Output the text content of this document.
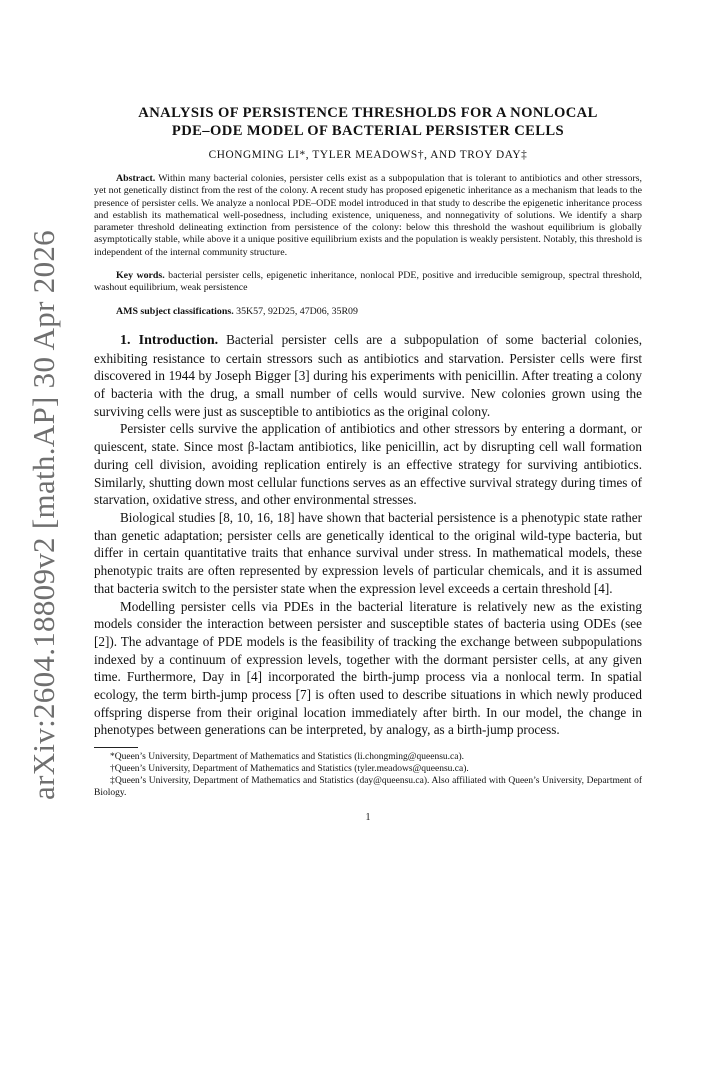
arXiv:2604.18809v2 [math.AP] 30 Apr 2026
ANALYSIS OF PERSISTENCE THRESHOLDS FOR A NONLOCAL
PDE–ODE MODEL OF BACTERIAL PERSISTER CELLS
CHONGMING LI*, TYLER MEADOWS†, AND TROY DAY‡
Abstract. Within many bacterial colonies, persister cells exist as a subpopulation that is tolerant to antibiotics and other stressors, yet not genetically distinct from the rest of the colony. A recent study has proposed epigenetic inheritance as a mechanism that leads to the presence of persister cells. We analyze a nonlocal PDE–ODE model introduced in that study to describe the epigenetic inheritance process and establish its mathematical well-posedness, including existence, uniqueness, and nonnegativity of solutions. We identify a sharp parameter threshold delineating extinction from persistence of the colony: below this threshold the washout equilibrium is globally asymptotically stable, while above it a unique positive equilibrium exists and the population is weakly persistent. Notably, this threshold is independent of the internal community structure.
Key words. bacterial persister cells, epigenetic inheritance, nonlocal PDE, positive and irreducible semigroup, spectral threshold, washout equilibrium, weak persistence
AMS subject classifications. 35K57, 92D25, 47D06, 35R09

1. Introduction. Bacterial persister cells are a subpopulation of some bacterial colonies, exhibiting resistance to certain stressors such as antibiotics and starvation. Persister cells were first discovered in 1944 by Joseph Bigger [3] during his experiments with penicillin. After treating a colony of bacteria with the drug, a small number of cells would survive. New colonies grown using the surviving cells were just as susceptible to antibiotics as the original colony.

Persister cells survive the application of antibiotics and other stressors by entering a dormant, or quiescent, state. Since most β-lactam antibiotics, like penicillin, act by disrupting cell wall formation during cell division, avoiding replication entirely is an effective strategy for surviving antibiotics. Similarly, shutting down most cellular functions serves as an effective survival strategy during times of starvation, oxidative stress, and other environmental stresses.

Biological studies [8, 10, 16, 18] have shown that bacterial persistence is a phenotypic state rather than genetic adaptation; persister cells are genetically identical to the original wild-type bacteria, but differ in certain quantitative traits that enhance survival under stress. In mathematical models, these phenotypic traits are often represented by expression levels of particular chemicals, and it is assumed that bacteria switch to the persister state when the expression level exceeds a certain threshold [4].

Modelling persister cells via PDEs in the bacterial literature is relatively new as the existing models consider the interaction between persister and susceptible states of bacteria using ODEs (see [2]). The advantage of PDE models is the feasibility of tracking the exchange between subpopulations indexed by a continuum of expression levels, together with the dormant persister cells, at any given time. Furthermore, Day in [4] incorporated the birth-jump process via a nonlocal term. In spatial ecology, the term birth-jump process [7] is often used to describe situations in which newly produced offspring disperse from their original location immediately after birth. In our model, the change in phenotypes between generations can be interpreted, by analogy, as a birth-jump process.

*Queen’s University, Department of Mathematics and Statistics (li.chongming@queensu.ca).

†Queen’s University, Department of Mathematics and Statistics (tyler.meadows@queensu.ca).

‡Queen’s University, Department of Mathematics and Statistics (day@queensu.ca). Also affiliated with Queen’s University, Department of Biology.

1
